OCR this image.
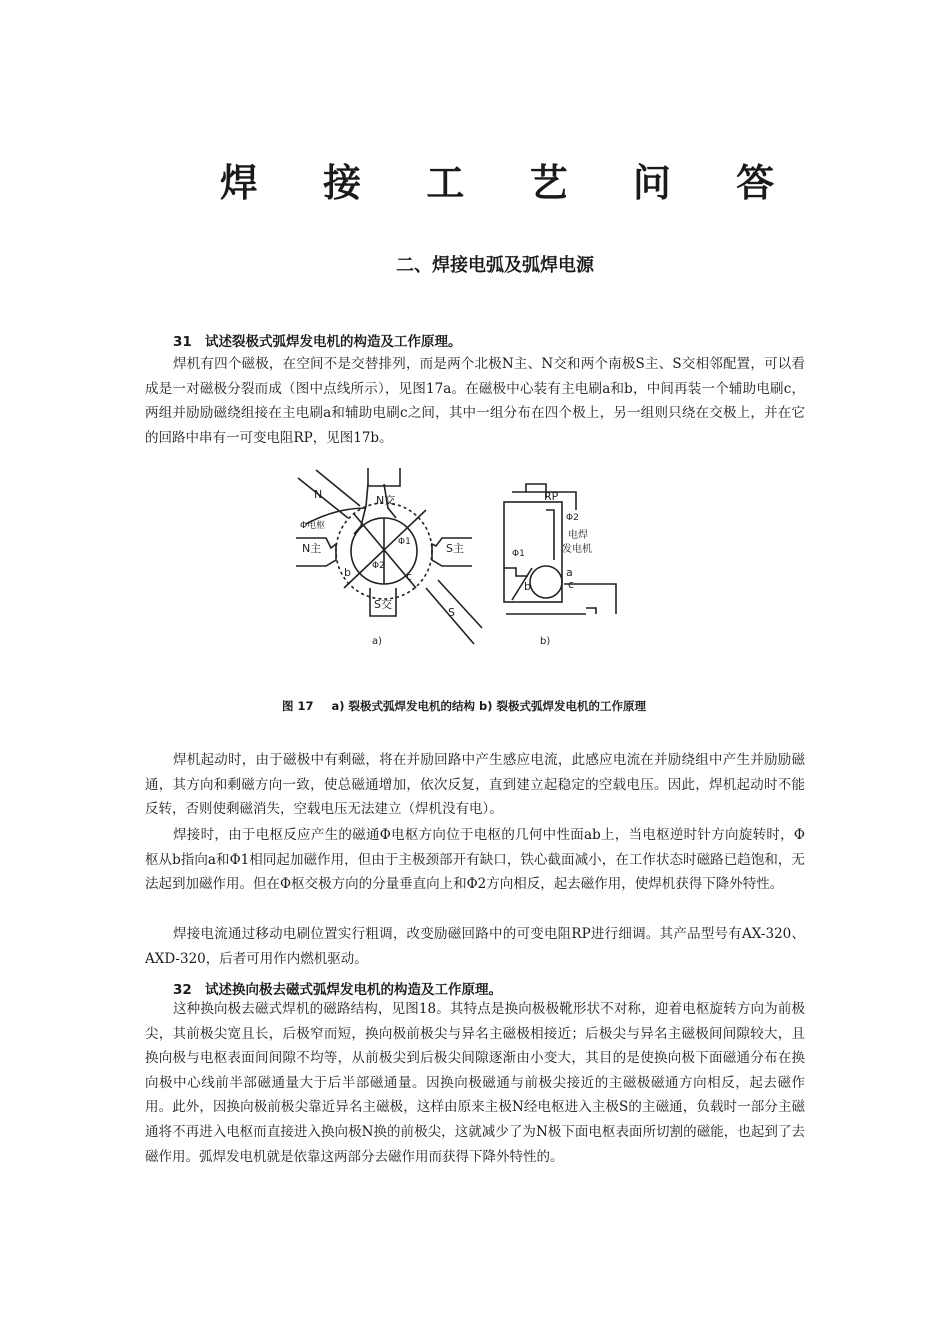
焊 接 工 艺 问 答
二、焊接电弧及弧焊电源
31 试述裂极式弧焊发电机的构造及工作原理。

焊机有四个磁极，在空间不是交替排列，而是两个北极N主、N交和两个南极S主、S交相邻配置，可以看成是一对磁极分裂而成（图中点线所示），见图17a。在磁极中心装有主电刷a和b，中间再装一个辅助电刷c，两组并励励磁绕组接在主电刷a和辅助电刷c之间，其中一组分布在四个极上，另一组则只绕在交极上，并在它的回路中串有一可变电阻RP，见图17b。

N交
N
N主	S主
S交
S
Φ电枢
Φ1
Φ2
b	c
RP
Φ2
Φ1
电焊
发电机
a
c
b
a)	b)
图 17 a) 裂极式弧焊发电机的结构 b) 裂极式弧焊发电机的工作原理

焊机起动时，由于磁极中有剩磁，将在并励回路中产生感应电流，此感应电流在并励绕组中产生并励励磁通，其方向和剩磁方向一致，使总磁通增加，依次反复，直到建立起稳定的空载电压。因此，焊机起动时不能反转，否则使剩磁消失，空载电压无法建立（焊机没有电）。

焊接时，由于电枢反应产生的磁通Φ电枢方向位于电枢的几何中性面ab上，当电枢逆时针方向旋转时，Φ枢从b指向a和Φ1相同起加磁作用，但由于主极颈部开有缺口，铁心截面减小，在工作状态时磁路已趋饱和，无法起到加磁作用。但在Φ枢交极方向的分量垂直向上和Φ2方向相反，起去磁作用，使焊机获得下降外特性。

焊接电流通过移动电刷位置实行粗调，改变励磁回路中的可变电阻RP进行细调。其产品型号有AX-320、AXD-320，后者可用作内燃机驱动。

32 试述换向极去磁式弧焊发电机的构造及工作原理。

这种换向极去磁式焊机的磁路结构，见图18。其特点是换向极极靴形状不对称，迎着电枢旋转方向为前极尖，其前极尖宽且长，后极窄而短，换向极前极尖与异名主磁极相接近；后极尖与异名主磁极间间隙较大，且换向极与电枢表面间间隙不均等，从前极尖到后极尖间隙逐渐由小变大，其目的是使换向极下面磁通分布在换向极中心线前半部磁通量大于后半部磁通量。因换向极磁通与前极尖接近的主磁极磁通方向相反，起去磁作用。此外，因换向极前极尖靠近异名主磁极，这样由原来主极N经电枢进入主极S的主磁通，负载时一部分主磁通将不再进入电枢而直接进入换向极N换的前极尖，这就减少了为N极下面电枢表面所切割的磁能，也起到了去磁作用。弧焊发电机就是依靠这两部分去磁作用而获得下降外特性的。
